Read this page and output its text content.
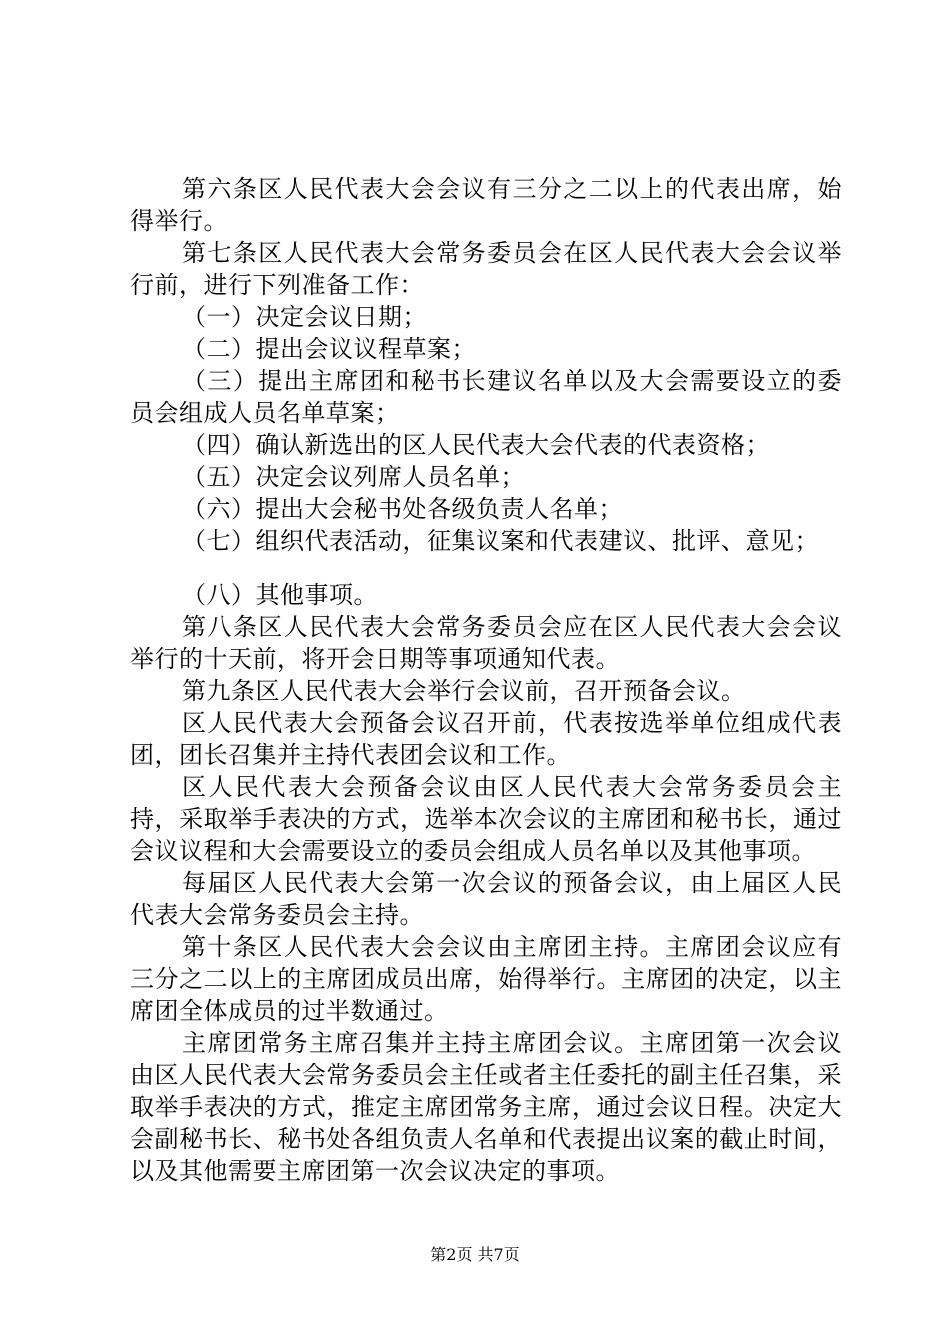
第六条区人民代表大会会议有三分之二以上的代表出席，始得举行。

第七条区人民代表大会常务委员会在区人民代表大会会议举行前，进行下列准备工作：

（一）决定会议日期；

（二）提出会议议程草案；

（三）提出主席团和秘书长建议名单以及大会需要设立的委员会组成人员名单草案；

（四）确认新选出的区人民代表大会代表的代表资格；

（五）决定会议列席人员名单；

（六）提出大会秘书处各级负责人名单；

（七）组织代表活动，征集议案和代表建议、批评、意见；

（八）其他事项。

第八条区人民代表大会常务委员会应在区人民代表大会会议举行的十天前，将开会日期等事项通知代表。

第九条区人民代表大会举行会议前，召开预备会议。

区人民代表大会预备会议召开前，代表按选举单位组成代表团，团长召集并主持代表团会议和工作。

区人民代表大会预备会议由区人民代表大会常务委员会主持，采取举手表决的方式，选举本次会议的主席团和秘书长，通过会议议程和大会需要设立的委员会组成人员名单以及其他事项。

每届区人民代表大会第一次会议的预备会议，由上届区人民代表大会常务委员会主持。

第十条区人民代表大会会议由主席团主持。主席团会议应有三分之二以上的主席团成员出席，始得举行。主席团的决定，以主席团全体成员的过半数通过。

主席团常务主席召集并主持主席团会议。主席团第一次会议由区人民代表大会常务委员会主任或者主任委托的副主任召集，采取举手表决的方式，推定主席团常务主席，通过会议日程。决定大会副秘书长、秘书处各组负责人名单和代表提出议案的截止时间，以及其他需要主席团第一次会议决定的事项。

第2页 共7页
